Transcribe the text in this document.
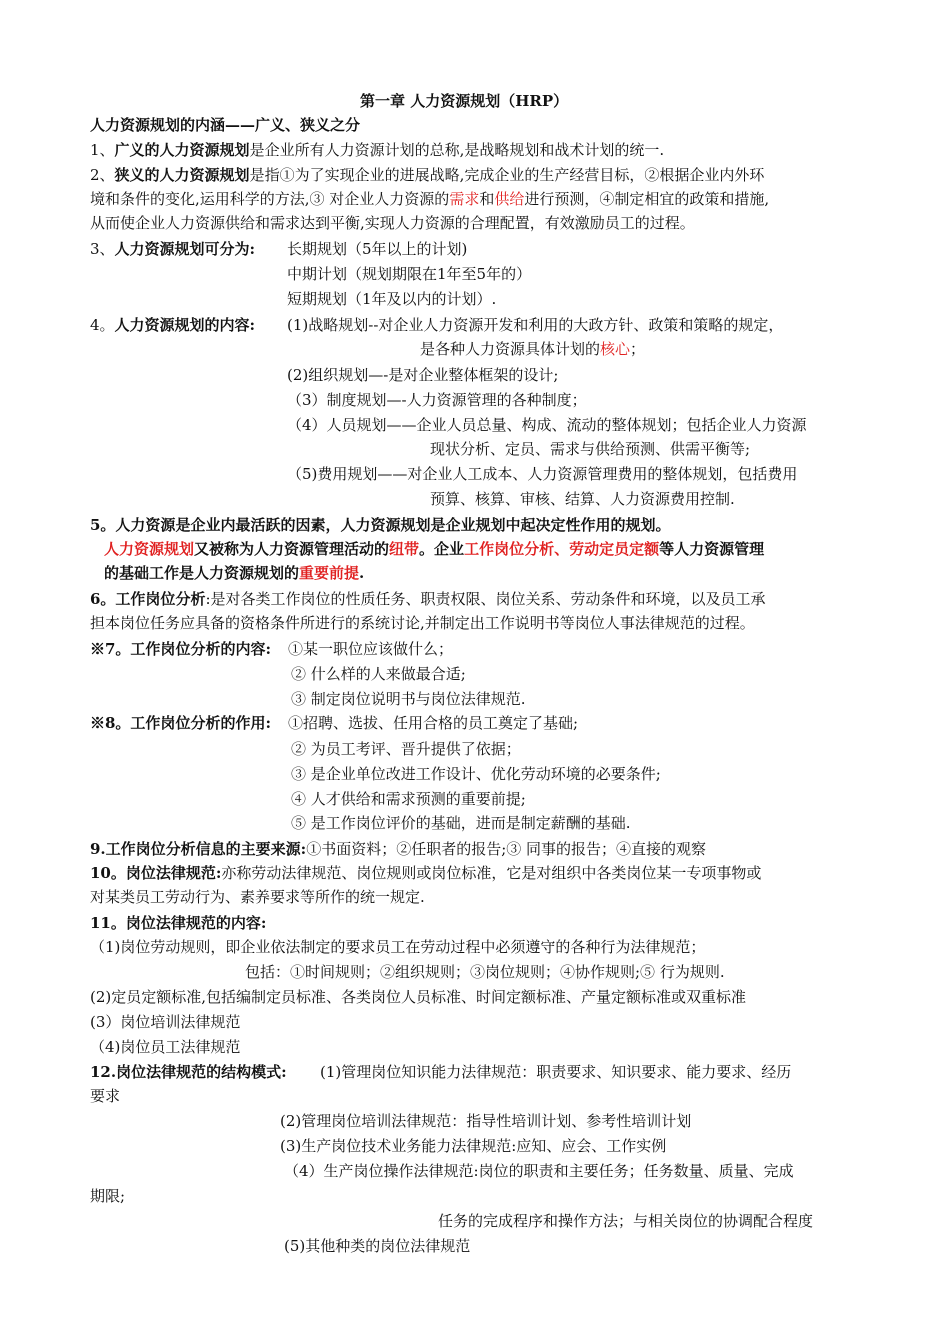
第一章 人力资源规划（HRP）
人力资源规划的内涵——广义、狭义之分
1、广义的人力资源规划是企业所有人力资源计划的总称,是战略规划和战术计划的统一.
2、狭义的人力资源规划是指①为了实现企业的进展战略,完成企业的生产经营目标，②根据企业内外环
境和条件的变化,运用科学的方法,③ 对企业人力资源的需求和供给进行预测，④制定相宜的政策和措施,
从而使企业人力资源供给和需求达到平衡,实现人力资源的合理配置，有效激励员工的过程。
3、人力资源规划可分为: 长期规划（5年以上的计划)
中期计划（规划期限在1年至5年的）
短期规划（1年及以内的计划）.
4。人力资源规划的内容: (1)战略规划--对企业人力资源开发和利用的大政方针、政策和策略的规定，
是各种人力资源具体计划的核心；
(2)组织规划—-是对企业整体框架的设计;
（3）制度规划—-人力资源管理的各种制度；
（4）人员规划——企业人员总量、构成、流动的整体规划；包括企业人力资源
现状分析、定员、需求与供给预测、供需平衡等;
（5)费用规划——对企业人工成本、人力资源管理费用的整体规划，包括费用
预算、核算、审核、结算、人力资源费用控制.
5。人力资源是企业内最活跃的因素，人力资源规划是企业规划中起决定性作用的规划。
人力资源规划又被称为人力资源管理活动的纽带。企业工作岗位分析、劳动定员定额等人力资源管理
的基础工作是人力资源规划的重要前提.
6。工作岗位分析:是对各类工作岗位的性质任务、职责权限、岗位关系、劳动条件和环境，以及员工承
担本岗位任务应具备的资格条件所进行的系统讨论,并制定出工作说明书等岗位人事法律规范的过程。
※7。工作岗位分析的内容: ①某一职位应该做什么；
② 什么样的人来做最合适;
③ 制定岗位说明书与岗位法律规范.
※8。工作岗位分析的作用: ①招聘、选拔、任用合格的员工奠定了基础;
② 为员工考评、晋升提供了依据；
③ 是企业单位改进工作设计、优化劳动环境的必要条件;
④ 人才供给和需求预测的重要前提;
⑤ 是工作岗位评价的基础，进而是制定薪酬的基础.
9.工作岗位分析信息的主要来源:①书面资料；②任职者的报告;③ 同事的报告；④直接的观察
10。岗位法律规范:亦称劳动法律规范、岗位规则或岗位标准，它是对组织中各类岗位某一专项事物或
对某类员工劳动行为、素养要求等所作的统一规定.
11。岗位法律规范的内容:
（1)岗位劳动规则，即企业依法制定的要求员工在劳动过程中必须遵守的各种行为法律规范；
包括：①时间规则；②组织规则；③岗位规则；④协作规则;⑤ 行为规则.
(2)定员定额标准,包括编制定员标准、各类岗位人员标准、时间定额标准、产量定额标准或双重标准
(3）岗位培训法律规范
（4)岗位员工法律规范
12.岗位法律规范的结构模式: (1)管理岗位知识能力法律规范：职责要求、知识要求、能力要求、经历
要求
(2)管理岗位培训法律规范：指导性培训计划、参考性培训计划
(3)生产岗位技术业务能力法律规范:应知、应会、工作实例
（4）生产岗位操作法律规范:岗位的职责和主要任务；任务数量、质量、完成
期限;
任务的完成程序和操作方法；与相关岗位的协调配合程度
(5)其他种类的岗位法律规范
